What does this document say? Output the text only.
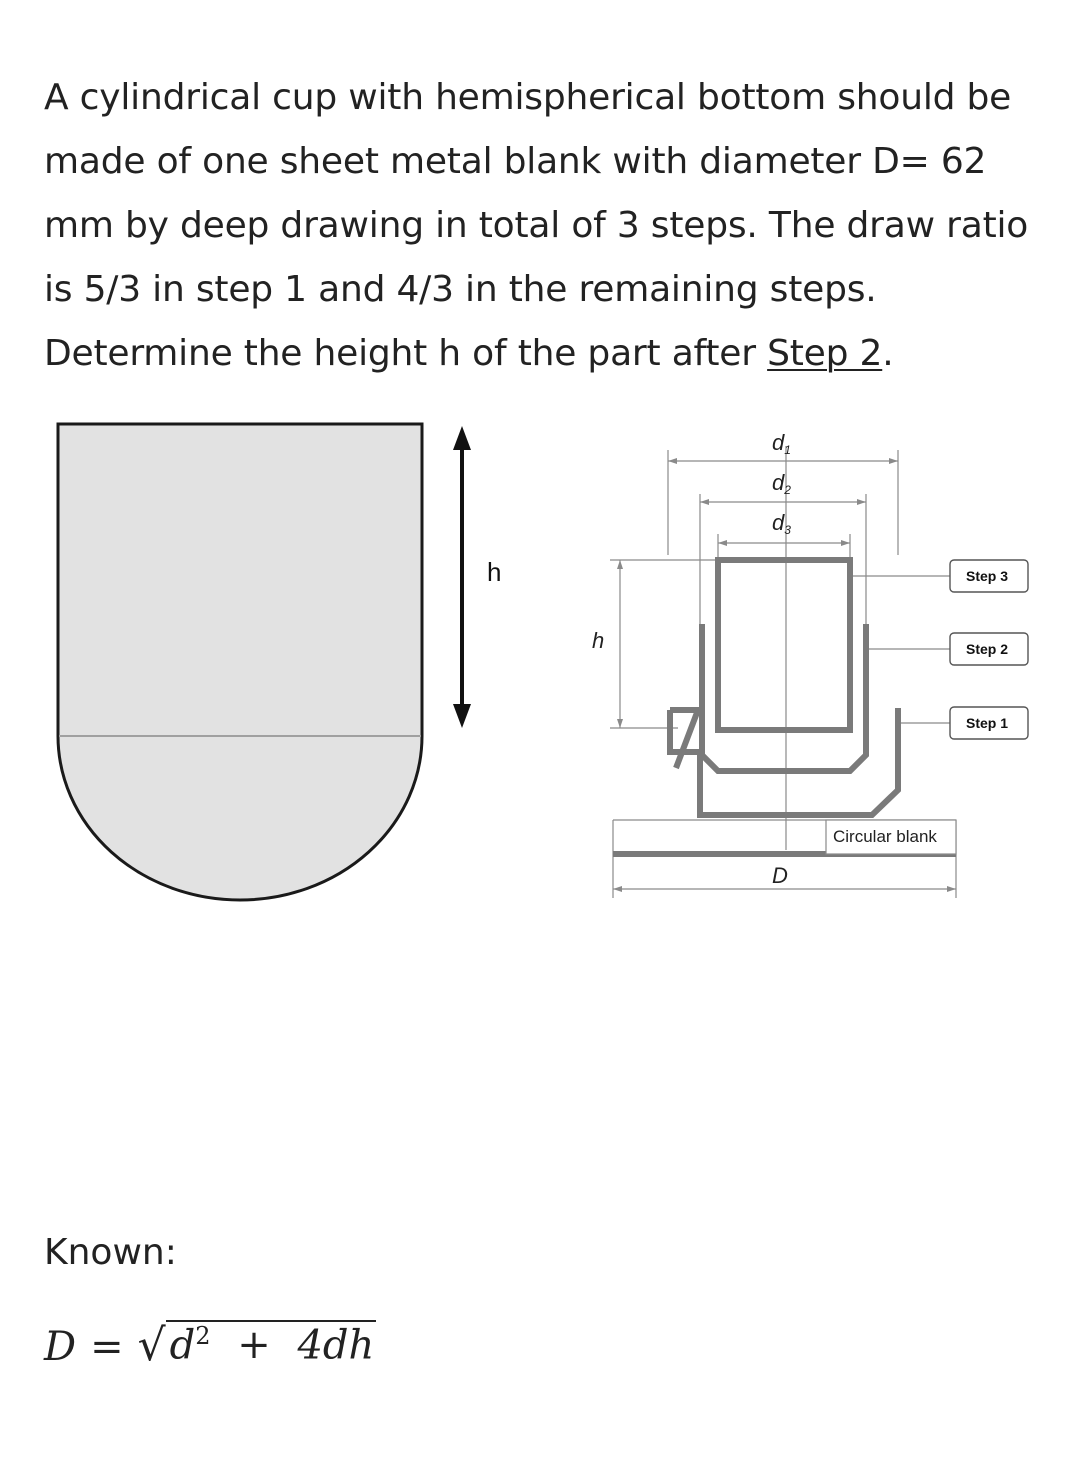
A cylindrical cup with hemispherical bottom should be made of one sheet metal blank with diameter D= 62 mm by deep drawing in total of 3 steps. The draw ratio is 5/3 in step 1 and 4/3 in the remaining steps. Determine the height h of the part after Step 2.

h
d1
d2
d3
h
D
Circular blank
Step 3
Step 2
Step 1

Known:

D = √ $d^2 + 4dh$
